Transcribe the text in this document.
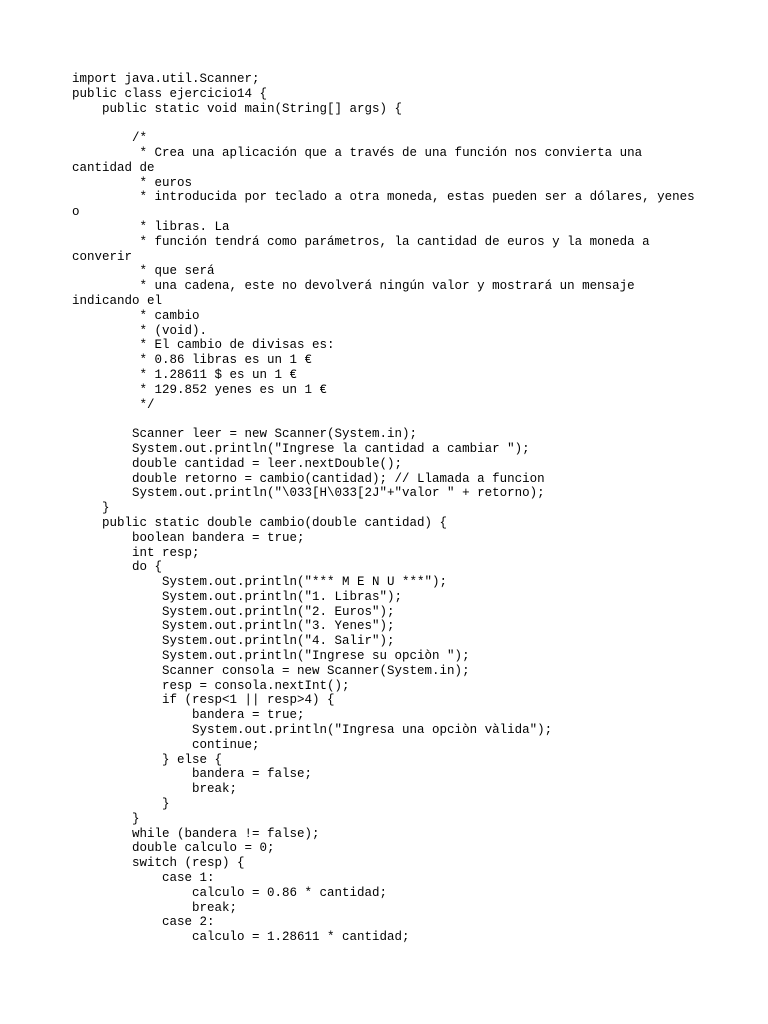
import java.util.Scanner;
public class ejercicio14 {
public static void main(String[] args) {
/*
* Crea una aplicación que a través de una función nos convierta una
cantidad de
* euros
* introducida por teclado a otra moneda, estas pueden ser a dólares, yenes
o
* libras. La
* función tendrá como parámetros, la cantidad de euros y la moneda a
converir
* que será
* una cadena, este no devolverá ningún valor y mostrará un mensaje
indicando el
* cambio
* (void).
* El cambio de divisas es:
* 0.86 libras es un 1 €
* 1.28611 $ es un 1 €
* 129.852 yenes es un 1 €
*/
Scanner leer = new Scanner(System.in);
System.out.println("Ingrese la cantidad a cambiar ");
double cantidad = leer.nextDouble();
double retorno = cambio(cantidad); // Llamada a funcion
System.out.println("\033[H\033[2J"+"valor " + retorno);
}
public static double cambio(double cantidad) {
boolean bandera = true;
int resp;
do {
System.out.println("*** M E N U ***");
System.out.println("1. Libras");
System.out.println("2. Euros");
System.out.println("3. Yenes");
System.out.println("4. Salir");
System.out.println("Ingrese su opciòn ");
Scanner consola = new Scanner(System.in);
resp = consola.nextInt();
if (resp<1 || resp>4) {
bandera = true;
System.out.println("Ingresa una opciòn vàlida");
continue;
} else {
bandera = false;
break;
}
}
while (bandera != false);
double calculo = 0;
switch (resp) {
case 1:
calculo = 0.86 * cantidad;
break;
case 2:
calculo = 1.28611 * cantidad;
